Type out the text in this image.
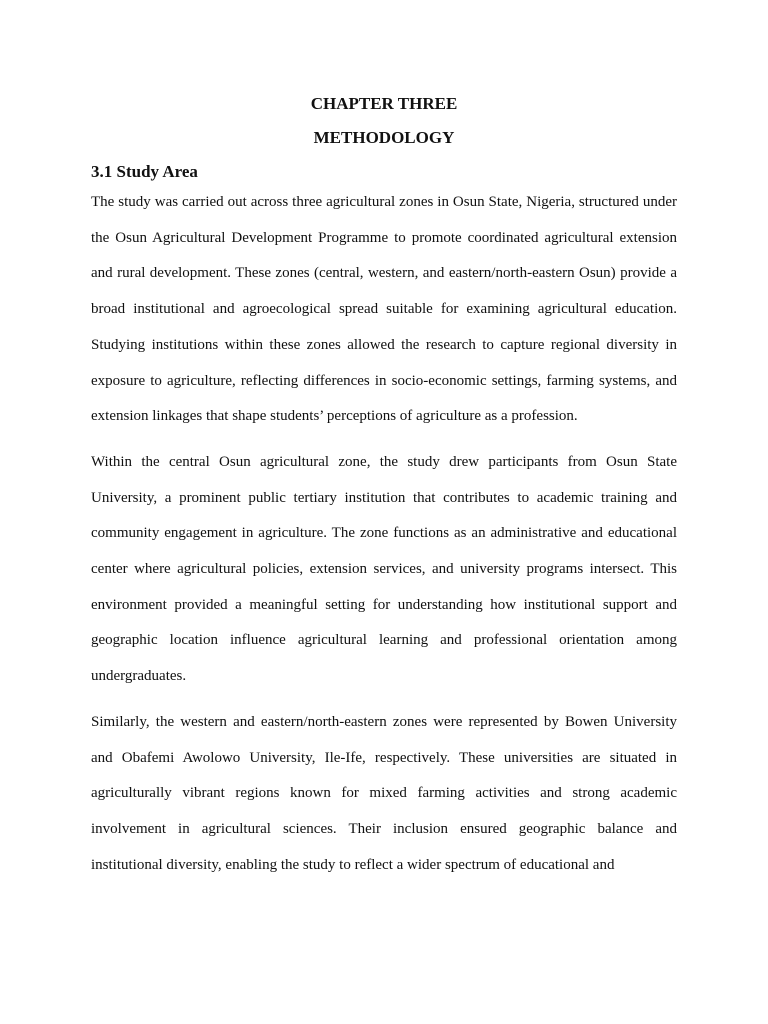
CHAPTER THREE
METHODOLOGY
3.1 Study Area

The study was carried out across three agricultural zones in Osun State, Nigeria, structured under the Osun Agricultural Development Programme to promote coordinated agricultural extension and rural development. These zones (central, western, and eastern/north-eastern Osun) provide a broad institutional and agroecological spread suitable for examining agricultural education. Studying institutions within these zones allowed the research to capture regional diversity in exposure to agriculture, reflecting differences in socio-economic settings, farming systems, and extension linkages that shape students’ perceptions of agriculture as a profession.

Within the central Osun agricultural zone, the study drew participants from Osun State University, a prominent public tertiary institution that contributes to academic training and community engagement in agriculture. The zone functions as an administrative and educational center where agricultural policies, extension services, and university programs intersect. This environment provided a meaningful setting for understanding how institutional support and geographic location influence agricultural learning and professional orientation among undergraduates.

Similarly, the western and eastern/north-eastern zones were represented by Bowen University and Obafemi Awolowo University, Ile-Ife, respectively. These universities are situated in agriculturally vibrant regions known for mixed farming activities and strong academic involvement in agricultural sciences. Their inclusion ensured geographic balance and institutional diversity, enabling the study to reflect a wider spectrum of educational and
